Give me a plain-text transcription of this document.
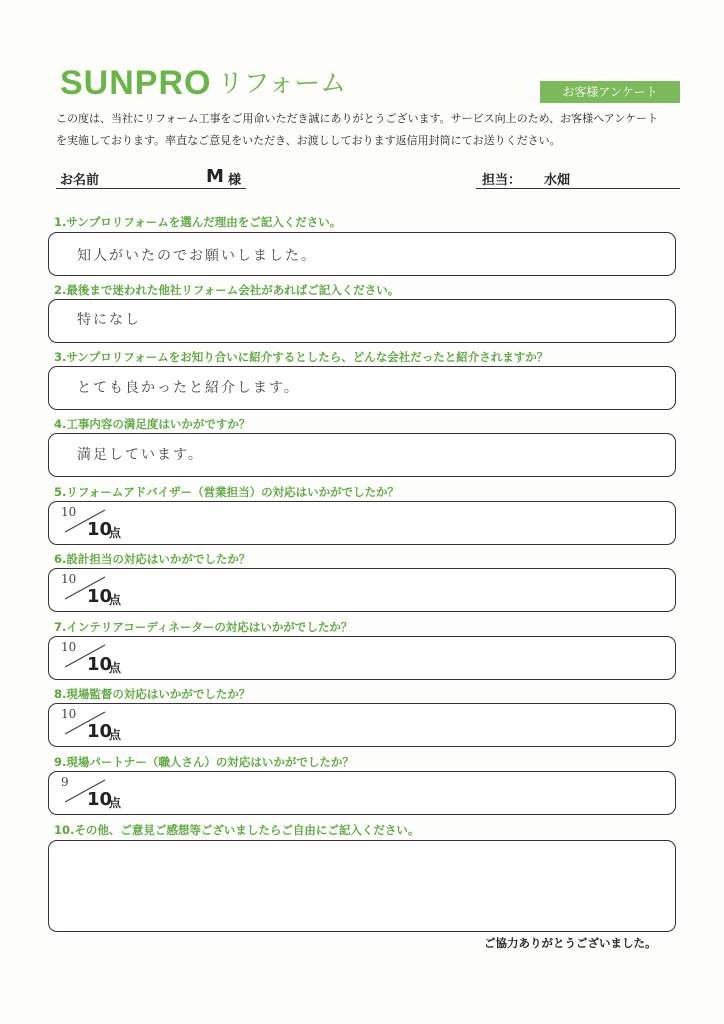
SUNPRO リフォーム	お客様アンケート
この度は、当社にリフォーム工事をご用命いただき誠にありがとうございます。サービス向上のため、お客様へアンケート
を実施しております。率直なご意見をいただき、お渡ししております返信用封筒にてお送りください。
お名前	M 様	担当： 水畑
1.サンプロリフォームを選んだ理由をご記入ください。
知人がいたのでお願いしました。
2.最後まで迷われた他社リフォーム会社があればご記入ください。
特になし
3.サンプロリフォームをお知り合いに紹介するとしたら、どんな会社だったと紹介されますか？
とても良かったと紹介します。
4.工事内容の満足度はいかがですか？
満足しています。
5.リフォームアドバイザー（営業担当）の対応はいかがでしたか？
10
10
点
6.設計担当の対応はいかがでしたか？
10
10
点
7.インテリアコーディネーターの対応はいかがでしたか？
10
10
点
8.現場監督の対応はいかがでしたか？
10
10
点
9.現場パートナー（職人さん）の対応はいかがでしたか？
9
10
点
10.その他、ご意見ご感想等ございましたらご自由にご記入ください。
ご協力ありがとうございました。
